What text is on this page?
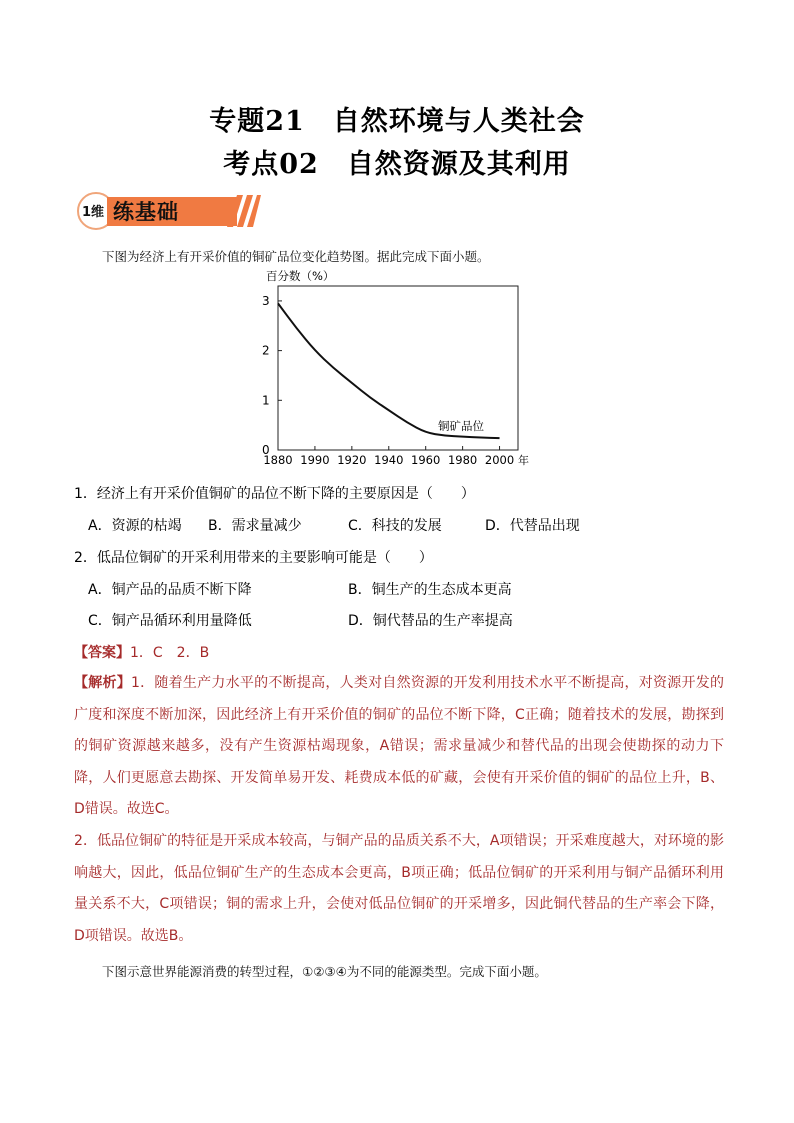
专题21　自然环境与人类社会
考点02　自然资源及其利用
1维 练基础
下图为经济上有开采价值的铜矿品位变化趋势图。据此完成下面小题。
百分数（%）
3
2
1
0
1880 1990 1920 1940 1960 1980 2000
铜矿品位
年
1．经济上有开采价值铜矿的品位不断下降的主要原因是（　　）
A．资源的枯竭 B．需求量减少	C．科技的发展	D．代替品出现
2．低品位铜矿的开采利用带来的主要影响可能是（　　）
A．铜产品的品质不断下降	B．铜生产的生态成本更高
C．铜产品循环利用量降低	D．铜代替品的生产率提高
【答案】1．C　2．B
【解析】1．随着生产力水平的不断提高，人类对自然资源的开发利用技术水平不断提高，对资源开发的广度和深度不断加深，因此经济上有开采价值的铜矿的品位不断下降，C正确；随着技术的发展，勘探到的铜矿资源越来越多，没有产生资源枯竭现象，A错误；需求量减少和替代品的出现会使勘探的动力下降，人们更愿意去勘探、开发简单易开发、耗费成本低的矿藏，会使有开采价值的铜矿的品位上升，B、D错误。故选C。
2．低品位铜矿的特征是开采成本较高，与铜产品的品质关系不大，A项错误；开采难度越大，对环境的影响越大，因此，低品位铜矿生产的生态成本会更高，B项正确；低品位铜矿的开采利用与铜产品循环利用量关系不大，C项错误；铜的需求上升，会使对低品位铜矿的开采增多，因此铜代替品的生产率会下降，D项错误。故选B。
下图示意世界能源消费的转型过程，①②③④为不同的能源类型。完成下面小题。
